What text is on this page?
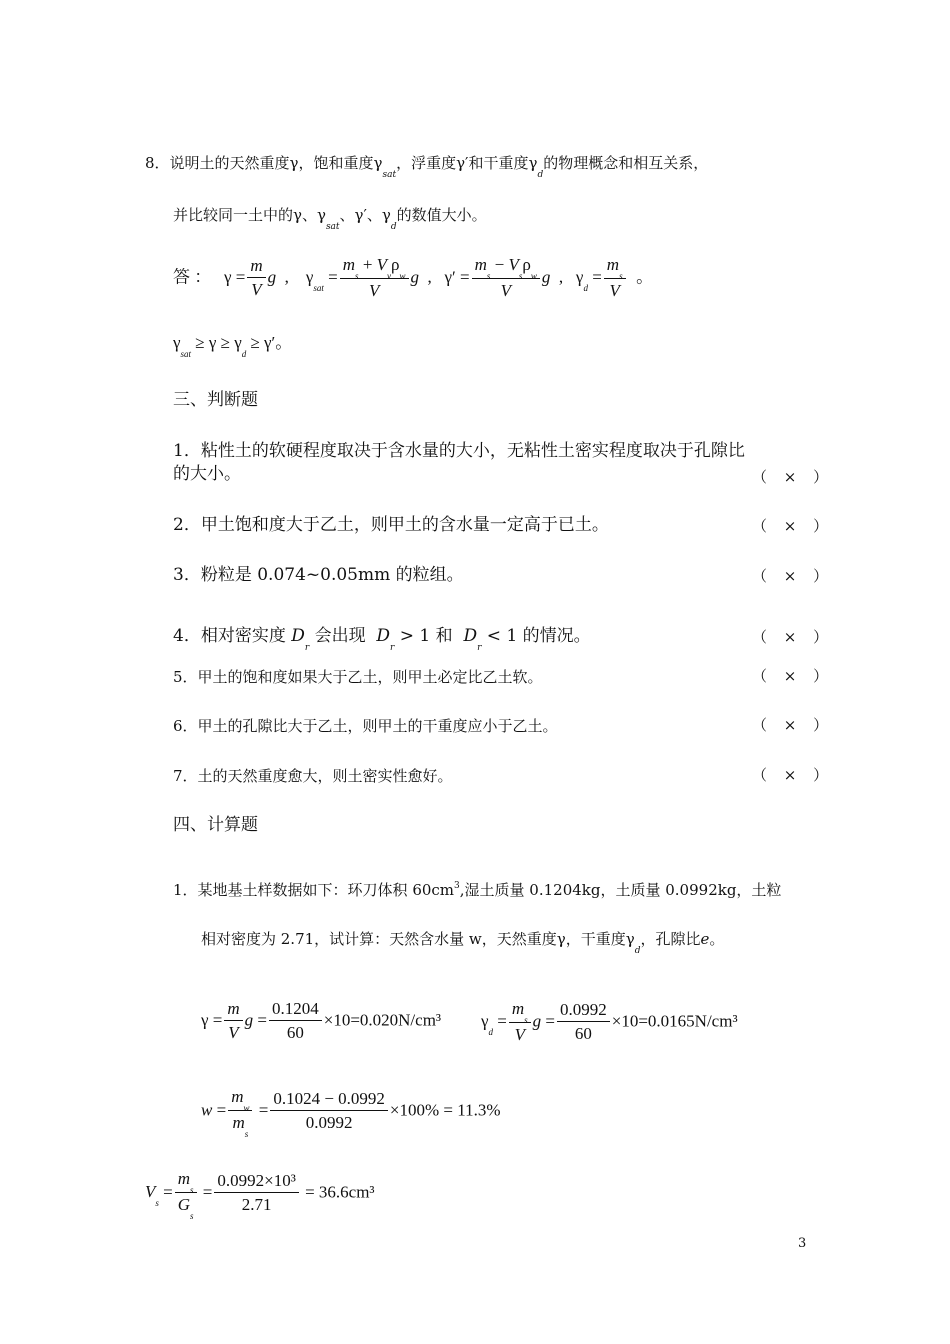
8．说明土的天然重度γ，饱和重度$\gamma_{sat}$，浮重度γ′和干重度$\gamma_d$的物理概念和相互关系，
并比较同一土中的γ、$\gamma_{sat}$、γ′、$\gamma_d$的数值大小。
答 ：   $\gamma = \frac{m}{V}$ g  ,    $\gamma_{sat} = \frac{m_s + V_v\rho_w}{V}$ g  ,   $\gamma' = \frac{m_s - V_s\rho_w}{V}$ g  ,   $\gamma_d = \frac{m_s}{V}$ 。
$\gamma_{sat} \ge \gamma \ge \gamma_d \ge \gamma'$。
三、判断题
1．粘性土的软硬程度取决于含水量的大小，无粘性土密实程度取决于孔隙比
的大小。	（ × ）
2．甲土饱和度大于乙土，则甲土的含水量一定高于已土。	（ × ）
3．粉粒是 0.074~0.05mm 的粒组。	（ × ）
4．相对密实度 $D_r$ 会出现  $D_r > 1$ 和  $D_r < 1$ 的情况。	（ × ）
5．甲土的饱和度如果大于乙土，则甲土必定比乙土软。	（ × ）
6．甲土的孔隙比大于乙土，则甲土的干重度应小于乙土。	（ × ）
7．土的天然重度愈大，则土密实性愈好。	（ × ）
四、计算题
1．某地基土样数据如下：环刀体积 $60cm^3$,湿土质量 0.1204kg，土质量 0.0992kg，土粒
相对密度为 2.71，试计算：天然含水量 w，天然重度γ，干重度$\gamma_d$，孔隙比e。
$\gamma = \frac{m}{V}$ $g = \frac{0.1204}{60} \times 10=0.020N/cm^3$ $\gamma_d = \frac{m_s}{V}$ $g = \frac{0.0992}{60} \times 10=0.0165N/cm^3$
$w = \frac{m_w}{m_s} = \frac{0.1024 - 0.0992}{0.0992} \times 100\% = 11.3\%$
$V_s = \frac{m_s}{G_s} = \frac{\text{0.0992×10³}}{2.71} = 36.6cm^3$
3
